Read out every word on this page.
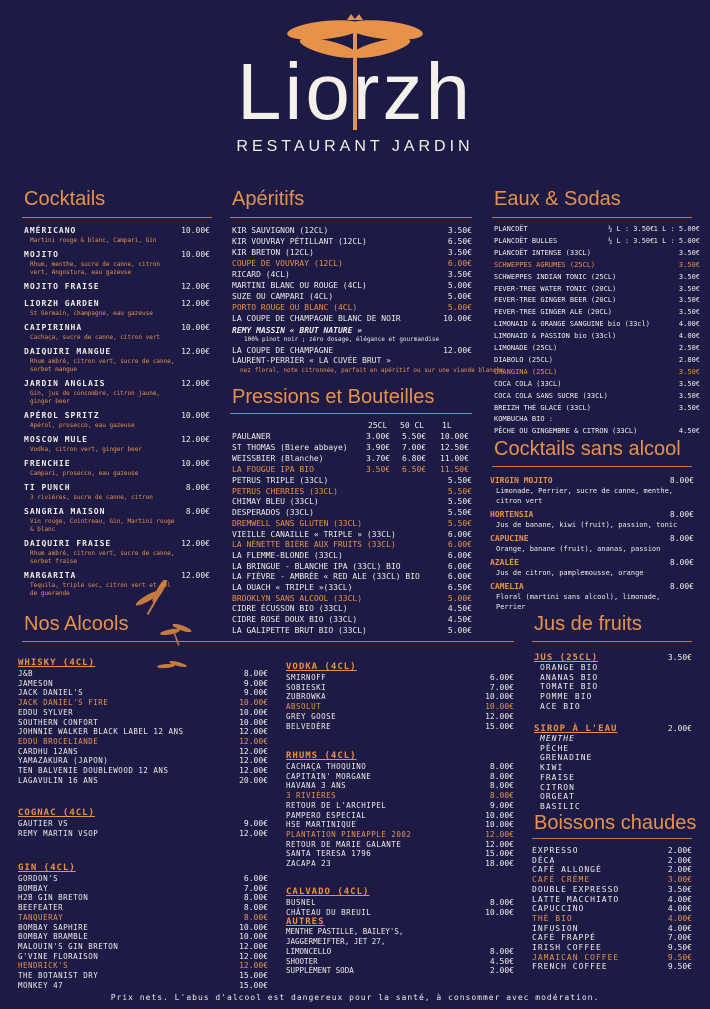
Liorzh
RESTAURANT JARDIN
Cocktails	Apéritifs	Eaux & Sodas
Pressions et Bouteilles
Cocktails sans alcool
Nos Alcools	Jus de fruits
Boissons chaudes
AMÉRICANO	10.00€
Martini rouge & blanc, Campari, Gin
MOJITO	10.00€
Rhum, menthe, sucre de canne, citron vert, Angostura, eau gazeuse
MOJITO FRAISE	12.00€
LIORZH GARDEN	12.00€
St Germain, champagne, eau gazeuse
CAIPIRINHA	10.00€
Cachaça, sucre de canne, citron vert
DAIQUIRI MANGUE	12.00€
Rhum ambré, citron vert, sucre de canne, sorbet mangue
JARDIN ANGLAIS	12.00€
Gin, jus de concombre, citron jaune, ginger beer
APÉROL SPRITZ	10.00€
Apérol, prosecco, eau gazeuse
MOSCOW MULE	12.00€
Vodka, citron vert, ginger beer
FRENCHIE	10.00€
Campari, prosecco, eau gazeuse
TI PUNCH	8.00€
3 rivières, sucre de canne, citron
SANGRIA MAISON	8.00€
Vin rouge, Cointreau, Gin, Martini rouge & blanc
DAIQUIRI FRAISE	12.00€
Rhum ambré, citron vert, sucre de canne, sorbet fraise
MARGARITA	12.00€
Tequila, triple sec, citron vert et sel de guerande
KIR SAUVIGNON (12CL)	3.50€
KIR VOUVRAY PÉTILLANT (12CL)	6.50€
KIR BRETON (12CL)	3.50€
COUPE DE VOUVRAY (12CL)	6.00€
RICARD (4CL)	3.50€
MARTINI BLANC OU ROUGE (4CL)	5.00€
SUZE OU CAMPARI (4CL)	5.00€
PORTO ROUGE OU BLANC (4CL)	5.00€
LA COUPE DE CHAMPAGNE BLANC DE NOIR	10.00€
REMY MASSIN « BRUT NATURE »
100% pinot noir ; zéro dosage, élégance et gourmandise
LA COUPE DE CHAMPAGNE	12.00€
LAURENT-PERRIER « LA CUVÉE BRUT »
nez floral, note citronnée, parfait en apéritif ou sur une viande blanche
25CL 50 CL 1L
PAULANER	3.00€ 5.50€ 10.00€
ST THOMAS (Biere abbaye) 3.90€ 7.00€ 12.50€
WEISSBIER (Blanche)	3.70€ 6.80€ 11.00€
LA FOUGUE IPA BIO	3.50€ 6.50€ 11.50€
PETRUS TRIPLE (33CL)	5.50€
PETRUS CHERRIES (33CL)	5.50€
CHIMAY BLEU (33CL)	5.50€
DESPERADOS (33CL)	5.50€
DREMWELL SANS GLUTEN (33CL)	5.50€
VIEILLE CANAILLE « TRIPLE » (33CL)	6.00€
LA NÉNETTE BIÈRE AUX FRUITS (33CL)	6.00€
LA FLEMME-BLONDE (33CL)	6.00€
LA BRINGUE - BLANCHE IPA (33CL) BIO	6.00€
LA FIÈVRE - AMBRÉE « RED ALE (33CL) BIO	6.00€
LA OUACH « TRIPLE »(33CL)	6.50€
BROOKLYN SANS ALCOOL (33CL)	5.00€
CIDRE ÉCUSSON BIO (33CL)	4.50€
CIDRE ROSÉ DOUX BIO (33CL)	4.50€
LA GALIPETTE BRUT BIO (33CL)	5.00€
PLANCOËT	½ L : 3.50€ 1 L : 5.00€
PLANCOËT BULLES	½ L : 3.50€ 1 L : 5.00€
PLANCOËT INTENSE (33CL)	3.50€
SCHWEPPES AGRUMES (25CL)	3.50€
SCHWEPPES INDIAN TONIC (25CL)	3.50€
FEVER-TREE WATER TONIC (20CL)	3.50€
FEVER-TREE GINGER BEER (20CL)	3.50€
FEVER-TREE GINGER ALE (20CL)	3.50€
LIMONAID & ORANGE SANGUINE bio (33cl)	4.00€
LIMONAID & PASSION bio (33cl)	4.00€
LIMONADE (25CL)	2.50€
DIABOLO (25CL)	2.80€
ORANGINA (25CL)	3.50€
COCA COLA (33CL)	3.50€
COCA COLA SANS SUCRE (33CL)	3.50€
BREIZH THÉ GLACÉ (33CL)	3.50€
KOMBUCHA BIO :
PÊCHE OU GINGEMBRE & CITRON (33CL)	4.50€
VIRGIN MOJITO	8.00€
Limonade, Perrier, sucre de canne, menthe,
citron vert
HORTENSIA	8.00€
Jus de banane, kiwi (fruit), passion, tonic
CAPUCINE	8.00€
Orange, banane (fruit), ananas, passion
AZALÉE	8.00€
Jus de citron, pamplemousse, orange
CAMELIA	8.00€
Floral (martini sans alcool), limonade,
Perrier
WHISKY (4CL)
J&B	8.00€
JAMESON	9.00€
JACK DANIEL'S	9.00€
JACK DANIEL'S FIRE	10.00€
EDDU SYLVER	10.00€
SOUTHERN CONFORT	10.00€
JOHNNIE WALKER BLACK LABEL 12 ANS	12.00€
EDDU BROCELIANDE	12.00€
CARDHU 12ANS	12.00€
YAMAZAKURA (JAPON)	12.00€
TEN BALVENIE DOUBLEWOOD 12 ANS	12.00€
LAGAVULIN 16 ANS	20.00€
COGNAC (4CL)
GAUTIER VS	9.00€
REMY MARTIN VSOP	12.00€
GIN (4CL)
GORDON'S	6.00€
BOMBAY	7.00€
H2B GIN BRETON	8.00€
BEEFEATER	8.00€
TANQUERAY	8.00€
BOMBAY SAPHIRE	10.00€
BOMBAY BRAMBLE	10.00€
MALOUIN'S GIN BRETON	12.00€
G'VINE FLORAISON	12.00€
HENDRICK'S	12.00€
THE BOTANIST DRY	15.00€
MONKEY 47	15.00€
VODKA (4CL)
SMIRNOFF	6.00€
SOBIESKI	7.00€
ZUBROWKA	10.00€
ABSOLUT	10.00€
GREY GOOSE	12.00€
BELVEDÈRE	15.00€
RHUMS (4CL)
CACHAÇA THOQUINO	8.00€
CAPITAIN' MORGANE	8.00€
HAVANA 3 ANS	8.00€
3 RIVIÈRES	8.00€
RETOUR DE L'ARCHIPEL	9.00€
PAMPERO ESPECIAL	10.00€
HSE MARTINIQUE	10.00€
PLANTATION PINEAPPLE 2002	12.00€
RETOUR DE MARIE GALANTE	12.00€
SANTA TERESA 1796	15.00€
ZACAPA 23	18.00€
CALVADO (4CL)
BUSNEL	8.00€
CHÂTEAU DU BREUIL	10.00€
AUTRES
MENTHE PASTILLE, BAILEY'S,
JAGGERMEIFTER, JET 27,
LIMONCELLO	8.00€
SHOOTER	4.50€
SUPPLÉMENT SODA	2.00€
JUS (25CL)	3.50€
ORANGE BIO
ANANAS BIO
TOMATE BIO
POMME BIO
ACE BIO
SIROP À L'EAU	2.00€
MENTHE
PÊCHE
GRENADINE
KIWI
FRAISE
CITRON
ORGEAT
BASILIC
EXPRESSO	2.00€
DÉCA	2.00€
CAFÉ ALLONGÉ	2.00€
CAFÉ CRÈME	3.00€
DOUBLE EXPRESSO	3.50€
LATTE MACCHIATO	4.00€
CAPUCCINO	4.00€
THÉ BIO	4.00€
INFUSION	4.00€
CAFÉ FRAPPÉ	7.00€
IRISH COFFEE	9.50€
JAMAICAN COFFEE	9.50€
FRENCH COFFEE	9.50€
Prix nets. L'abus d'alcool est dangereux pour la santé, à consommer avec modération.
